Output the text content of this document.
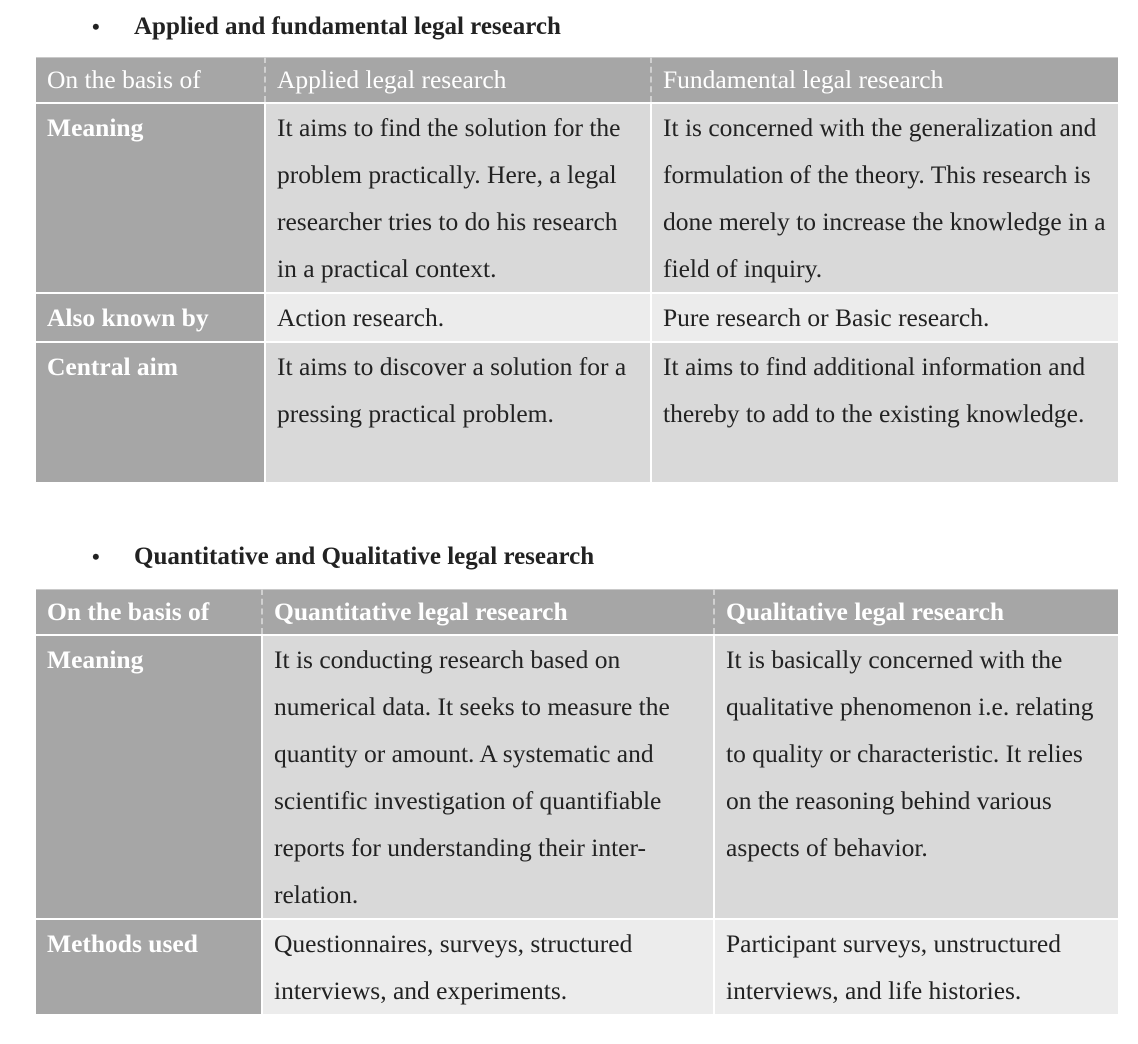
• Applied and fundamental legal research
On the basis of	Applied legal research	Fundamental legal research
Meaning	It aims to find the solution for the problem practically. Here, a legal researcher tries to do his research in a practical context.	It is concerned with the generalization and formulation of the theory. This research is done merely to increase the knowledge in a field of inquiry.
Also known by	Action research.	Pure research or Basic research.
Central aim	It aims to discover a solution for a pressing practical problem.	It aims to find additional information and thereby to add to the existing knowledge.
• Quantitative and Qualitative legal research
On the basis of	Quantitative legal research	Qualitative legal research
Meaning	It is conducting research based on numerical data. It seeks to measure the quantity or amount. A systematic and scientific investigation of quantifiable reports for understanding their inter-relation.	It is basically concerned with the qualitative phenomenon i.e. relating to quality or characteristic. It relies on the reasoning behind various aspects of behavior.
Methods used	Questionnaires, surveys, structured interviews, and experiments.	Participant surveys, unstructured interviews, and life histories.
